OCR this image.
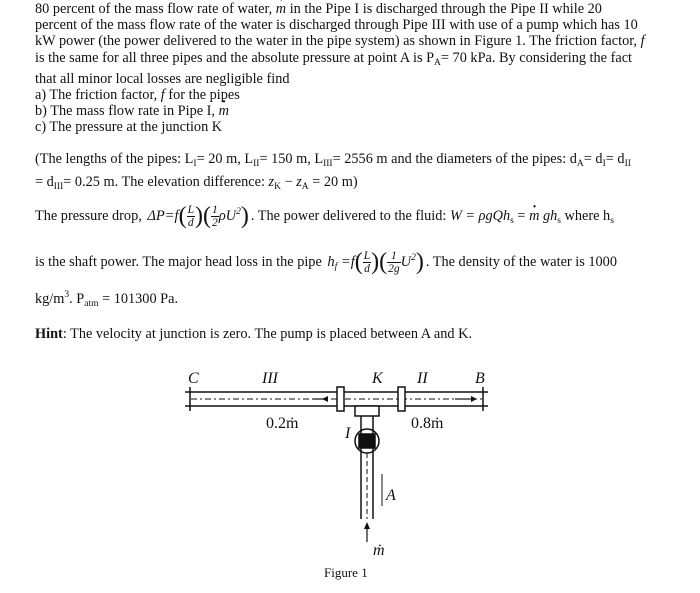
80 percent of the mass flow rate of water, m · in the Pipe I is discharged through the Pipe II while 20

percent of the mass flow rate of the water is discharged through Pipe III with use of a pump which has 10

kW power (the power delivered to the water in the pipe system) as shown in Figure 1. The friction factor, f

is the same for all three pipes and the absolute pressure at point A is $P_A= 70$ kPa. By considering the fact

that all minor local losses are negligible find

a) The friction factor, f for the pipes

b) The mass flow rate in Pipe I, m ·

c) The pressure at the junction K

(The lengths of the pipes: $L_I= 20$ m, $L_{II}= 150$ m, $L_{III}= 2556$ m and the diameters of the pipes: $d_A= d_I= d_{II}$
= $d_{III}= 0.25$ m. The elevation difference: $z_K - z_A = 20$ m)
The pressure drop, $\Delta P=f( \frac{L}{d}$ )( $\frac{1}{2} \rho U^2$) . The power delivered to the fluid: $W = \rho gQh_s = m \cdot gh_s$ where $h_s$
is the shaft power. The major head loss in the pipe $h_f =f( \frac{L}{d}$ )( $\frac{1}{2g} U^2$) . The density of the water is 1000
$kg/m^3$. $P_{atm} = 101300$ Pa.
Hint: The velocity at junction is zero. The pump is placed between A and K.
C	III	K II	B
0.2ṁ	0.8ṁ
I
A
ṁ
Figure 1
